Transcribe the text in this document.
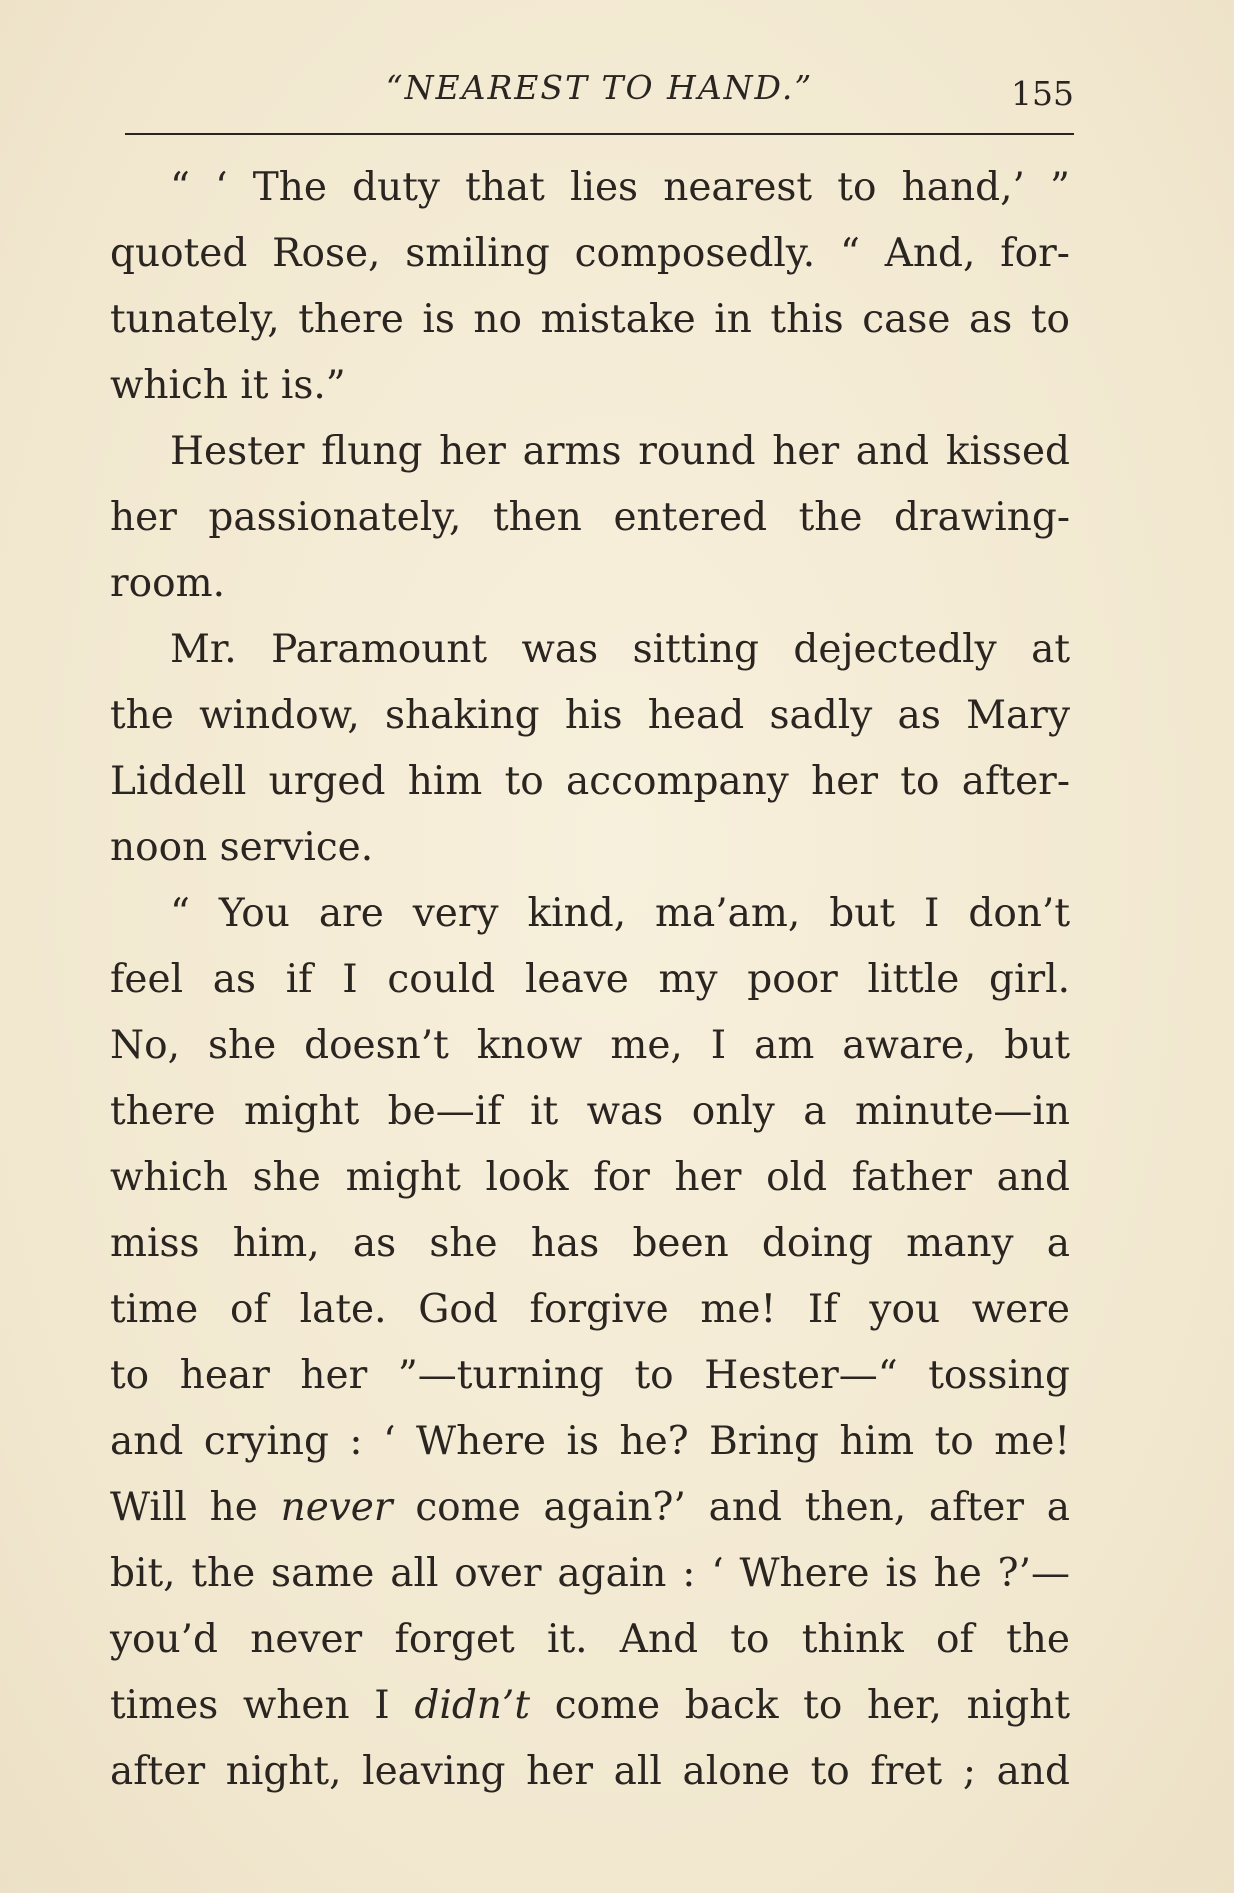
“NEAREST TO HAND.”	155
“ ‘ The duty that lies nearest to hand,’ ”
quoted Rose, smiling composedly. “ And, for-
tunately, there is no mistake in this case as to
which it is.”
Hester flung her arms round her and kissed
her passionately, then entered the drawing-
room.
Mr. Paramount was sitting dejectedly at
the window, shaking his head sadly as Mary
Liddell urged him to accompany her to after-
noon service.
“ You are very kind, ma’am, but I don’t
feel as if I could leave my poor little girl.
No, she doesn’t know me, I am aware, but
there might be—if it was only a minute—in
which she might look for her old father and
miss him, as she has been doing many a
time of late. God forgive me! If you were
to hear her ”—turning to Hester—“ tossing
and crying : ‘ Where is he? Bring him to me!
Will he never come again?’ and then, after a
bit, the same all over again : ‘ Where is he ?’—
you’d never forget it. And to think of the
times when I didn’t come back to her, night
after night, leaving her all alone to fret ; and
